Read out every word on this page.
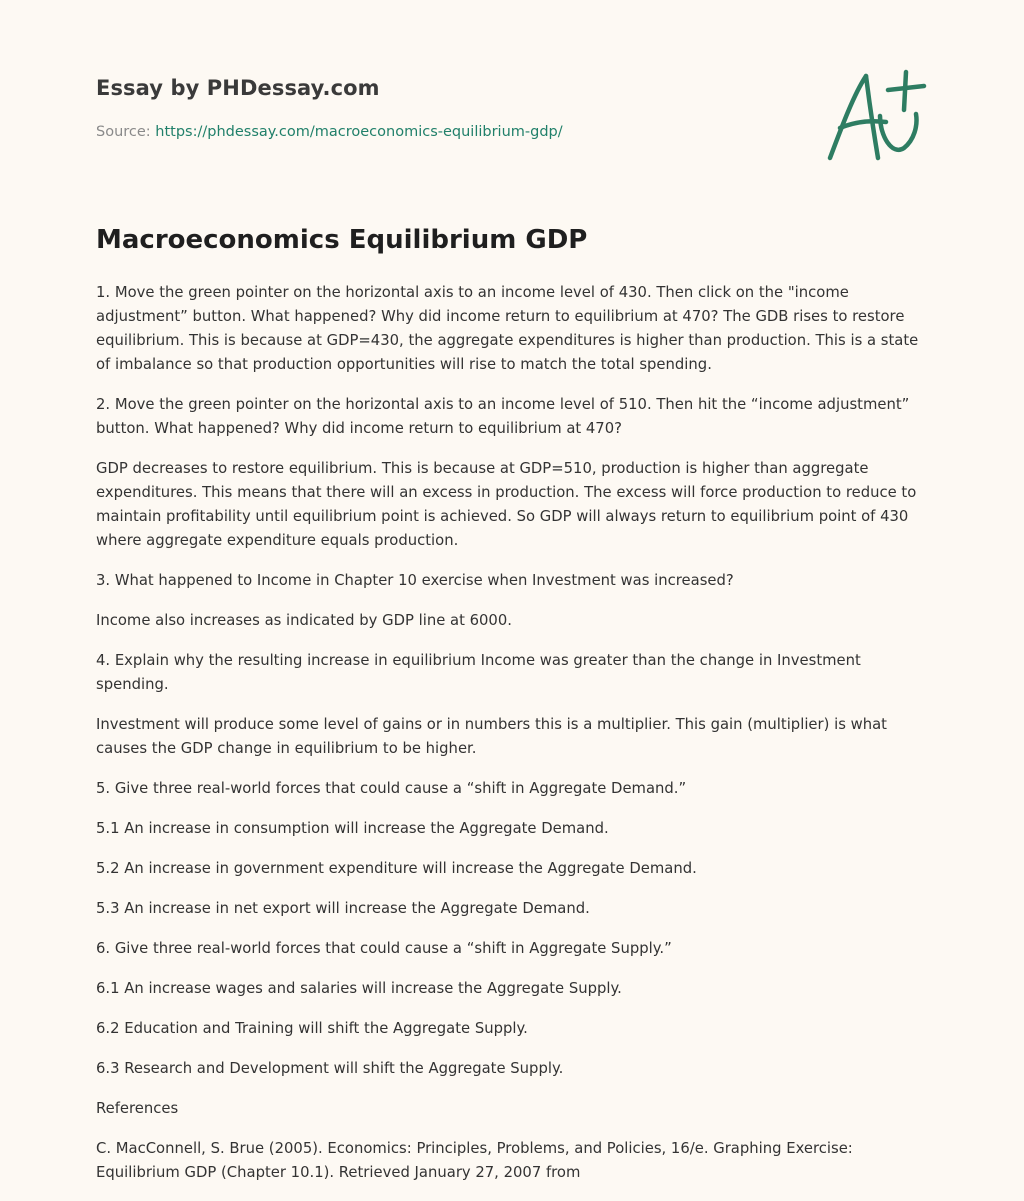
Essay by PHDessay.com
Source: https://phdessay.com/macroeconomics-equilibrium-gdp/
Macroeconomics Equilibrium GDP

1. Move the green pointer on the horizontal axis to an income level of 430. Then click on the "income adjustment” button. What happened? Why did income return to equilibrium at 470? The GDB rises to restore equilibrium. This is because at GDP=430, the aggregate expenditures is higher than production. This is a state of imbalance so that production opportunities will rise to match the total spending.

2. Move the green pointer on the horizontal axis to an income level of 510. Then hit the “income adjustment” button. What happened? Why did income return to equilibrium at 470?

GDP decreases to restore equilibrium. This is because at GDP=510, production is higher than aggregate expenditures. This means that there will an excess in production. The excess will force production to reduce to maintain profitability until equilibrium point is achieved. So GDP will always return to equilibrium point of 430 where aggregate expenditure equals production.

3. What happened to Income in Chapter 10 exercise when Investment was increased?

Income also increases as indicated by GDP line at 6000.

4. Explain why the resulting increase in equilibrium Income was greater than the change in Investment spending.

Investment will produce some level of gains or in numbers this is a multiplier. This gain (multiplier) is what causes the GDP change in equilibrium to be higher.

5. Give three real-world forces that could cause a “shift in Aggregate Demand.”

5.1 An increase in consumption will increase the Aggregate Demand.

5.2 An increase in government expenditure will increase the Aggregate Demand.

5.3 An increase in net export will increase the Aggregate Demand.

6. Give three real-world forces that could cause a “shift in Aggregate Supply.”

6.1 An increase wages and salaries will increase the Aggregate Supply.

6.2 Education and Training will shift the Aggregate Supply.

6.3 Research and Development will shift the Aggregate Supply.

References

C. MacConnell, S. Brue (2005). Economics: Principles, Problems, and Policies, 16/e. Graphing Exercise: Equilibrium GDP (Chapter 10.1). Retrieved January 27, 2007 from
